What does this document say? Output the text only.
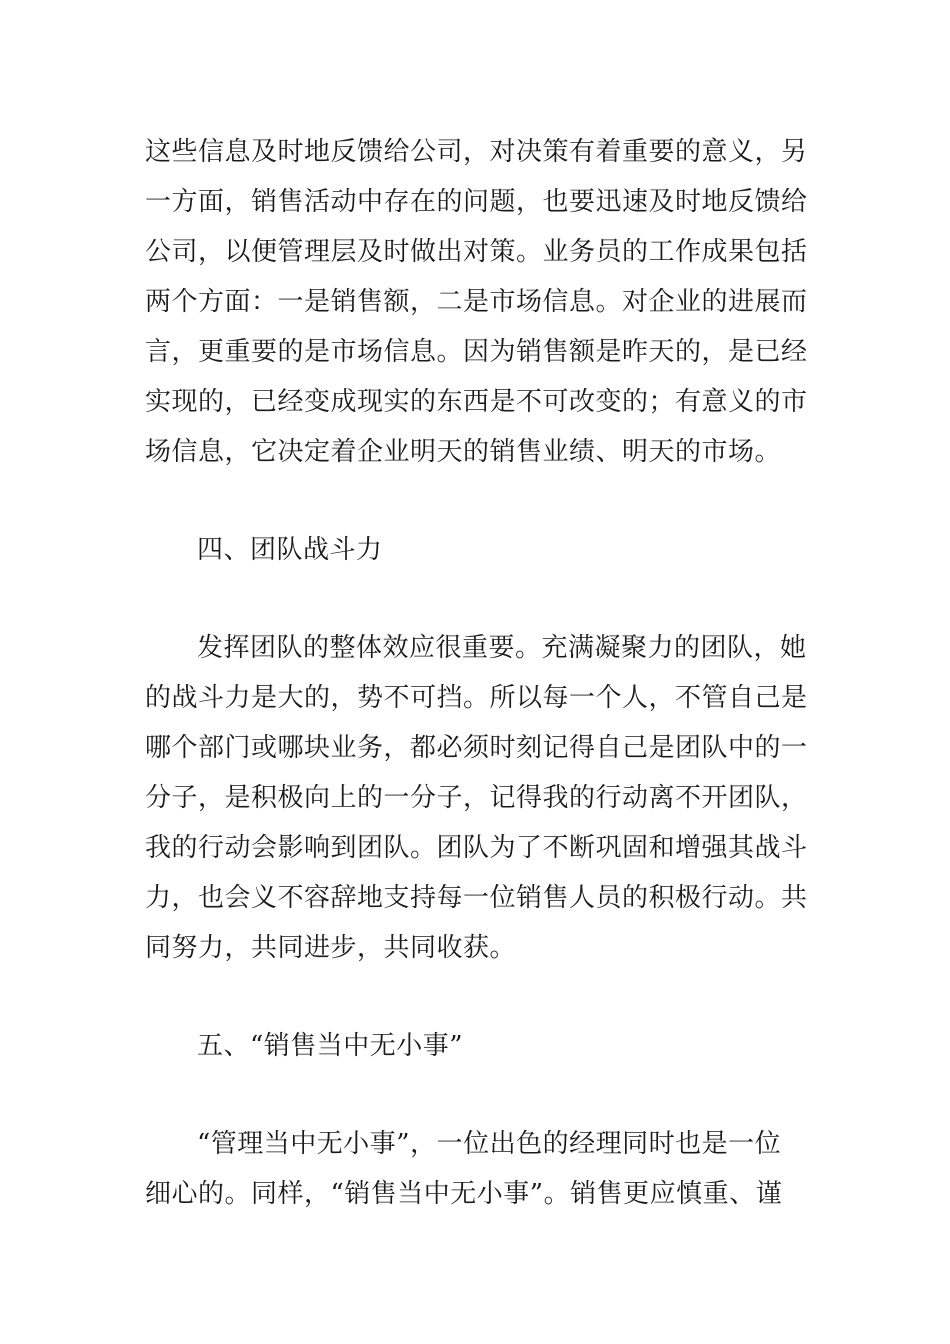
这些信息及时地反馈给公司，对决策有着重要的意义，另
一方面，销售活动中存在的问题，也要迅速及时地反馈给
公司，以便管理层及时做出对策。业务员的工作成果包括
两个方面：一是销售额，二是市场信息。对企业的进展而
言，更重要的是市场信息。因为销售额是昨天的，是已经
实现的，已经变成现实的东西是不可改变的；有意义的市
场信息，它决定着企业明天的销售业绩、明天的市场。
四、团队战斗力
发挥团队的整体效应很重要。充满凝聚力的团队，她
的战斗力是大的，势不可挡。所以每一个人，不管自己是
哪个部门或哪块业务，都必须时刻记得自己是团队中的一
分子，是积极向上的一分子，记得我的行动离不开团队，
我的行动会影响到团队。团队为了不断巩固和增强其战斗
力，也会义不容辞地支持每一位销售人员的积极行动。共
同努力，共同进步，共同收获。
五、“销售当中无小事”
“管理当中无小事”，一位出色的经理同时也是一位
细心的。同样，“销售当中无小事”。销售更应慎重、谨
